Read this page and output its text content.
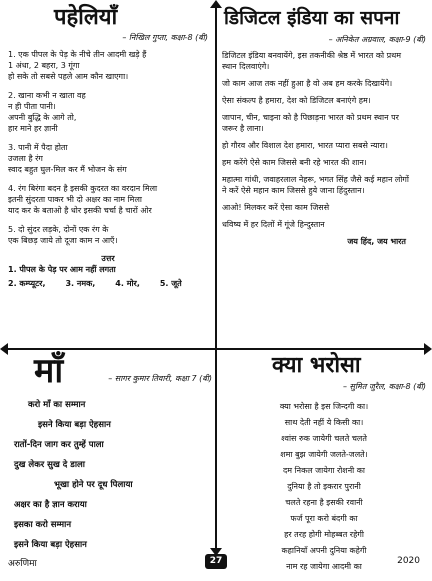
पहेलियाँ
– निखिल गुप्ता, कक्षा-8 (बी)
1. एक पीपल के पेड़ के नीचे तीन आदमी खड़े हैं
1 अंधा, 2 बहरा, 3 गूंगा
हो सके तो सबसे पहले आम कौन खाएगा।
2. खाना कभी न खाता वह
न ही पीता पानी।
अपनी बुद्धि के आगे तो,
हार माने हर ज्ञानी
3. पानी में पैदा होता
उजला है रंग
स्वाद बहुत घुल-मिल कर मैं भोजन के संग
4. रंग बिरंगा बदन है इसकी कुदरत का वरदान मिला
इतनी सुंदरता पाकर भी दो अक्षर का नाम मिला
याद कर के बताओ है धोर इसकी चर्चा है चारों ओर
5. दो सुंदर लड़के, दोनों एक रंग के
एक बिछड़ जाये तो दूजा काम न आएँ।
उत्तर
1. पीपल के पेड़ पर आम नहीं लगता
2. कम्प्यूटर,	3. नमक,	4. मोर,	5. जूते
डिजिटल इंडिया का सपना
– अनिकेत अग्रवाल, कक्षा-9 (बी)
डिजिटल इंडिया बनवायेंगे, इस तकनीकी श्रेष्ठ में भारत को प्रथम
स्थान दिलवाएंगे।
जो काम आज तक नहीं हुआ है वो अब हम करके दिखायेंगे।
ऐसा संकल्प है हमारा, देश को डिजिटल बनाएंगे हम।
जापान, चीन, चाइना को है पिछाड़ना भारत को प्रथम स्थान पर
जरूर है लाना।
हो गौरव और विशाल देश हमारा, भारत प्यारा सबसे न्यारा।
हम करेंगे ऐसे काम जिससे बनी रहे भारत की शान।
महात्मा गांधी, जवाहरलाल नेहरू, भगत सिंह जैसे कई महान लोगों
ने करें ऐसे महान काम जिससे हुये जाना हिंदुस्तान।
आओ! मिलकर करें ऐसा काम जिससे
धविष्य में हर दिलों में गूंजे हिन्दुस्तान
जय हिंद, जय भारत
माँ	– सागर कुमार तिवारी, कक्षा 7 (बी)
करो माँ का सम्मान
इसने किया बड़ा ऐहसान
रातों-दिन जाग कर तुम्हें पाला
दुख लेकर सुख दे डाला
भूखा होने पर दूध पिलाया
अक्षर का है ज्ञान कराया
इसका करो सम्मान
इसने किया बड़ा ऐहसान
क्या भरोसा
– सुमित जुरैल, कक्षा-8 (बी)
क्या भरोसा है इस जिन्दगी का।
साथ देती नहीं ये किसी का।
श्वांस रुक जायेगी चलते चलते
शमा बुझ जायेगी जलते-जलते।
दम निकल जायेगा रोशनी का
दुनिया है तो इकरार पुरानी
चलते रहना है इसकी रवानी
फर्ज पूरा करो बंदगी का
हर तरह होगी मोहब्बत रहेगी
कहानियाँ अपनी दुनिया कहेगी
नाम रह जायेगा आदमी का
अरुणिमा	27	2020
